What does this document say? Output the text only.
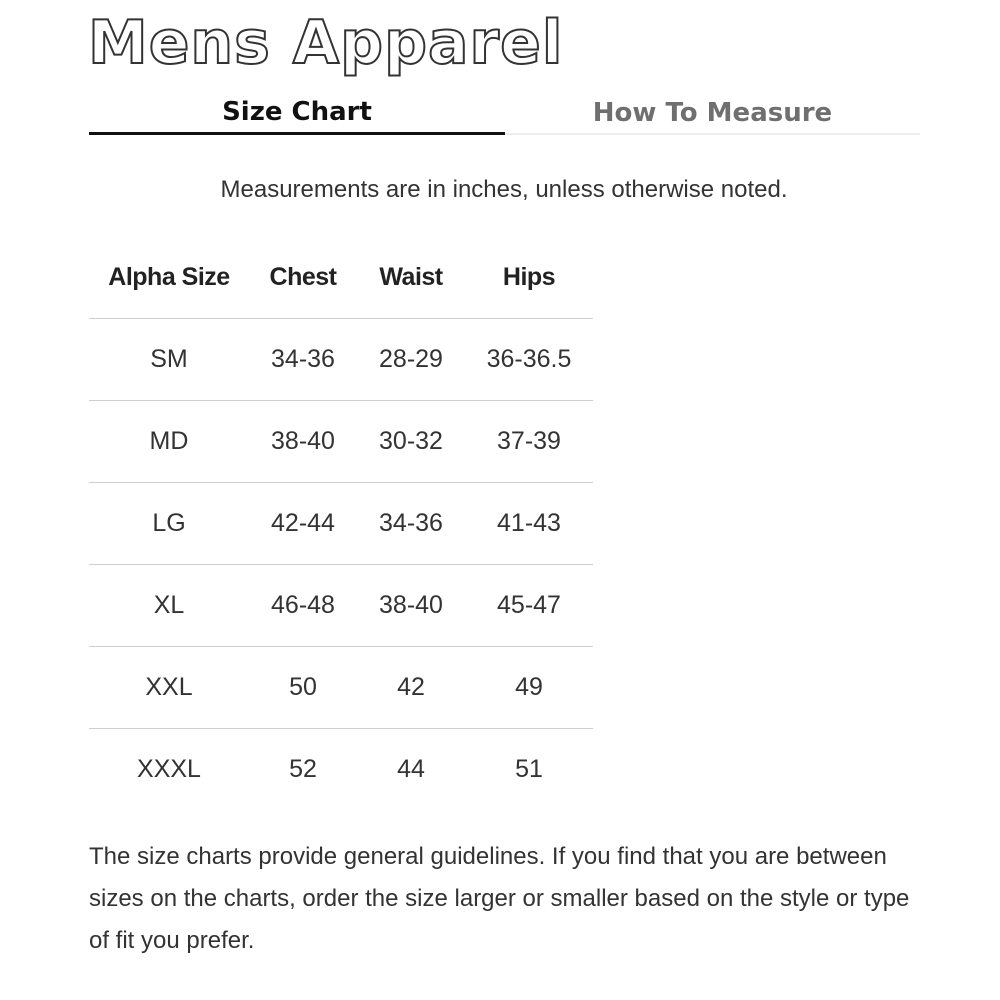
Mens Apparel
Size Chart	How To Measure
Measurements are in inches, unless otherwise noted.
Alpha Size	Chest	Waist	Hips
SM	34-36	28-29	36-36.5
MD	38-40	30-32	37-39
LG	42-44	34-36	41-43
XL	46-48	38-40	45-47
XXL	50	42	49
XXXL	52	44	51

The size charts provide general guidelines. If you find that you are between sizes on the charts, order the size larger or smaller based on the style or type of fit you prefer.
